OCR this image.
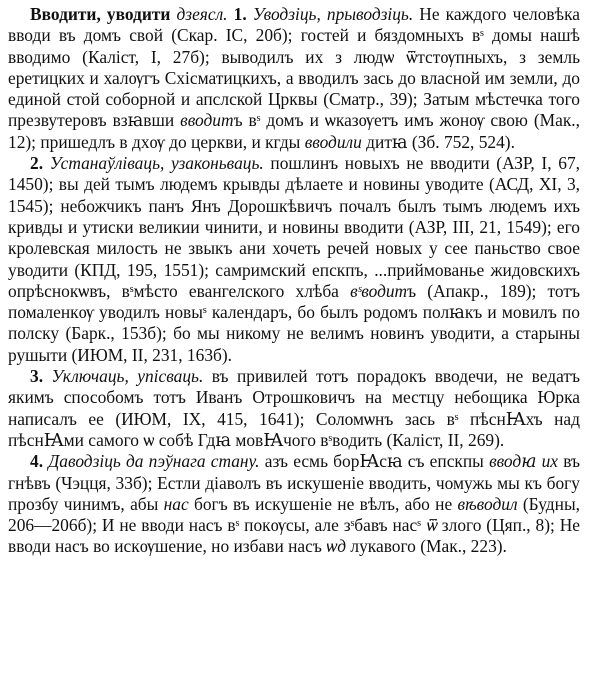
Вводити, уводити дзеясл. 1. Уводзіць, прыводзіць. Не каждого человѣка вводи въ домъ свой (Скар. ІС, 20б); гостей и бяздомныхъ вˢ домы нашѣ вводимо (Каліст, І, 27б); выводилъ их з людѡ ѿтстѹпныхъ, з земль еретицких и халѹгъ Схісматицкихъ, а вводилъ зась до власной им земли, до единой стой соборной и апслской Црквы (Сматр., 39); Затым мѣстечка того презвутеровъ взꙗвши вводитъ вˢ домъ и ѡказѹетъ имъ жонѹ свою (Мак., 12); пришедлъ в дхѹ до церкви, и кгды вводили дитꙗ (Зб. 752, 524).

2. Устанаўліваць, узаконьваць. пошлинъ новыхъ не вводити (АЗР, І, 67, 1450); вы дей тымъ людемъ крывды дѣлаете и новины уводите (АСД, ХІ, 3, 1545); небожчикъ панъ Янъ Дорошкѣвичъ почалъ былъ тымъ людемъ ихъ кривды и утиски великии чинити, и новины вводити (АЗР, ІІІ, 21, 1549); его кролевская милость не звыкъ ани хочеть речей новых у сее паньство свое уводити (КПД, 195, 1551); самримский епскпъ, ...приймованье жидовскихъ опрѣснокѡвъ, вˢмѣсто евангелского хлѣба вˢводитъ (Апакр., 189); тотъ помаленкѹ уводилъ новыˢ календаръ, бо былъ родомъ полꙗкъ и мовилъ по полску (Барк., 153б); бо мы никому не велимъ новинъ уводити, а старыны рушыти (ИЮМ, ІІ, 231, 163б).

3. Уключаць, упісваць. въ привилей тотъ порадокъ вводечи, не ведатъ якимъ способомъ тотъ Иванъ Отрошковичъ на местцу небощика Юрка написалъ ее (ИЮМ, ІХ, 415, 1641); Соломѡнъ зась вˢ пѣснꙖхъ над пѣснꙖми самого ѡ собѣ Гдꙗ мовꙖчого вˢводить (Каліст, ІІ, 269).

4. Даводзіць да пэўнага стану. азъ есмь борꙖсꙗ съ епскпы вводꙗ их въ гнѣвъ (Чэцця, 33б); Естли діаволъ въ искушенiе вводить, чомужь мы къ богу прозбу чинимъ, абы нас богъ въ искушенiе не вѣлъ, або не вѣводил (Будны, 206—206б); И не вводи насъ вˢ покѹсы, але зˢбавъ насˢ ѿ злого (Цяп., 8); Не вводи насъ во искѹшение, но избави насъ ѡд лукавого (Мак., 223).
